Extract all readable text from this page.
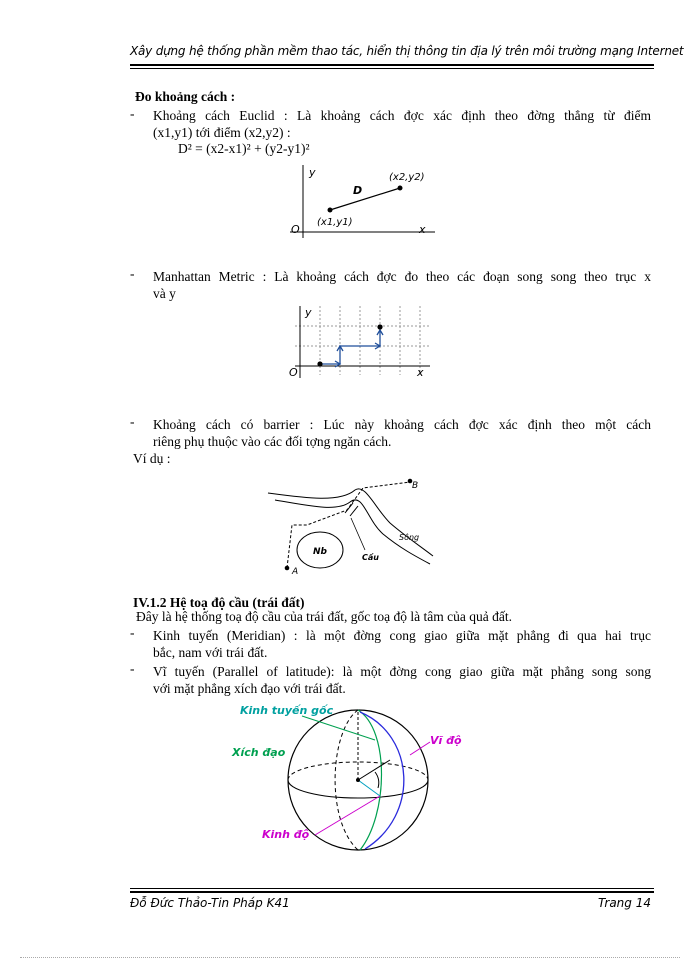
Xây dựng hệ thống phần mềm thao tác, hiển thị thông tin địa lý trên môi trường mạng Internet
Đo khoảng cách :
- Khoảng cách Euclid : Là khoảng cách đợc xác định theo đờng thẳng từ điểm
(x1,y1) tới điểm (x2,y2) :
D² = (x2-x1)² + (y2-y1)²
y
x
O
(x1,y1)
(x2,y2)
D
- Manhattan Metric : Là khoảng cách đợc đo theo các đoạn song song theo trục x
và y
y
x
O
- Khoảng cách có barrier : Lúc này khoảng cách đợc xác định theo một cách
riêng phụ thuộc vào các đối tợng ngăn cách.
Ví dụ :
A
B
Nb
Sông
Cầu
IV.1.2 Hệ toạ độ cầu (trái đất)
Đây là hệ thống toạ độ cầu của trái đất, gốc toạ độ là tâm của quả đất.
- Kinh tuyến (Meridian) : là một đờng cong giao giữa mặt phẳng đi qua hai trục
bắc, nam với trái đất.
- Vĩ tuyến (Parallel of latitude): là một đờng cong giao giữa mặt phẳng song song
với mặt phẳng xích đạo với trái đất.
Kinh tuyến gốc
Xích đạo
Vĩ độ
Kinh độ
Đỗ Đức Thảo-Tin Pháp K41	Trang 14
